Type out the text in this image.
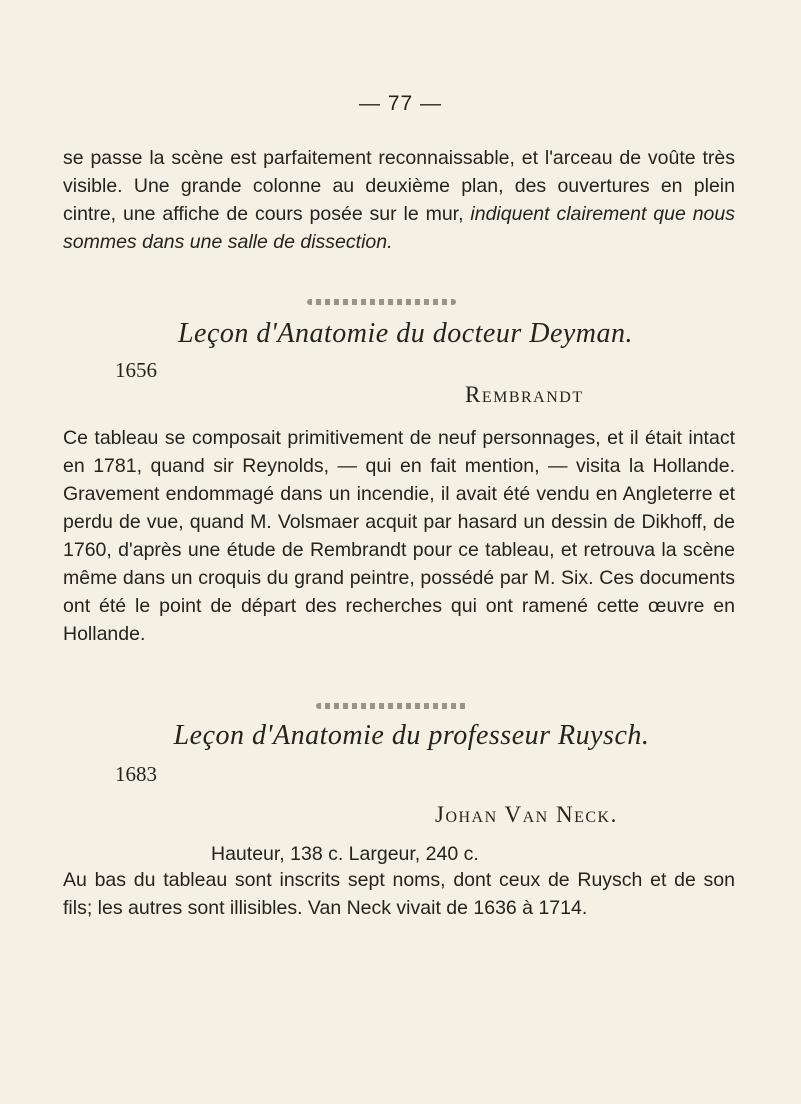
— 77 —

se passe la scène est parfaitement reconnaissable, et l'arceau de voûte très visible. Une grande colonne au deuxième plan, des ouvertures en plein cintre, une affiche de cours posée sur le mur, indiquent clairement que nous sommes dans une salle de dissection.

Leçon d'Anatomie du docteur Deyman.
1656
Rembrandt

Ce tableau se composait primitivement de neuf personnages, et il était intact en 1781, quand sir Reynolds, — qui en fait mention, — visita la Hollande. Gravement endommagé dans un incendie, il avait été vendu en Angleterre et perdu de vue, quand M. Volsmaer acquit par hasard un dessin de Dikhoff, de 1760, d'après une étude de Rembrandt pour ce tableau, et retrouva la scène même dans un croquis du grand peintre, possédé par M. Six. Ces documents ont été le point de départ des recherches qui ont ramené cette œuvre en Hollande.

Leçon d'Anatomie du professeur Ruysch.
1683
Johan Van Neck.
Hauteur, 138 c. Largeur, 240 c.

Au bas du tableau sont inscrits sept noms, dont ceux de Ruysch et de son fils; les autres sont illisibles. Van Neck vivait de 1636 à 1714.
